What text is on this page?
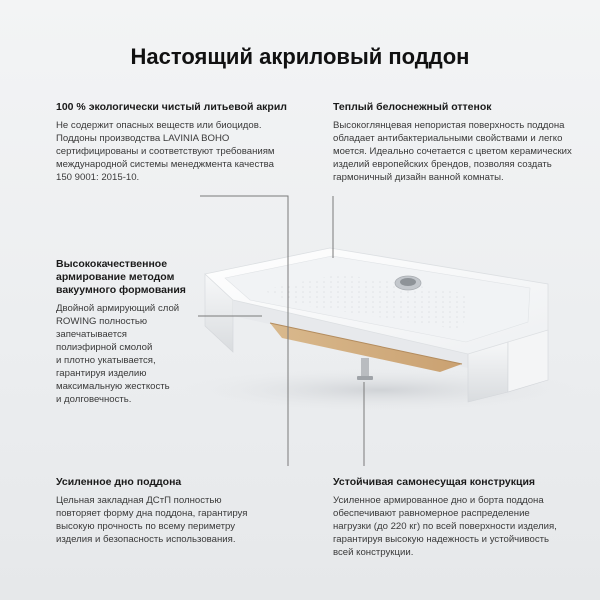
Настоящий акриловый поддон
100 % экологически чистый литьевой акрил
Не содержит опасных веществ или биоцидов.
Поддоны производства LAVINIA BOHO
сертифицированы и соответствуют требованиям
международной системы менеджмента качества
150 9001: 2015-10.
Теплый белоснежный оттенок
Высокоглянцевая непористая поверхность поддона
обладает антибактериальными свойствами и легко
моется. Идеально сочетается с цветом керамических
изделий европейских брендов, позволяя создать
гармоничный дизайн ванной комнаты.
Высококачественное
армирование методом
вакуумного формования
Двойной армирующий слой
ROWING полностью
запечатывается
полиэфирной смолой
и плотно укатывается,
гарантируя изделию
максимальную жесткость
и долговечность.
Усиленное дно поддона
Цельная закладная ДСтП полностью
повторяет форму дна поддона, гарантируя
высокую прочность по всему периметру
изделия и безопасность использования.
Устойчивая самонесущая конструкция
Усиленное армированное дно и борта поддона
обеспечивают равномерное распределение
нагрузки (до 220 кг) по всей поверхности изделия,
гарантируя высокую надежность и устойчивость
всей конструкции.
